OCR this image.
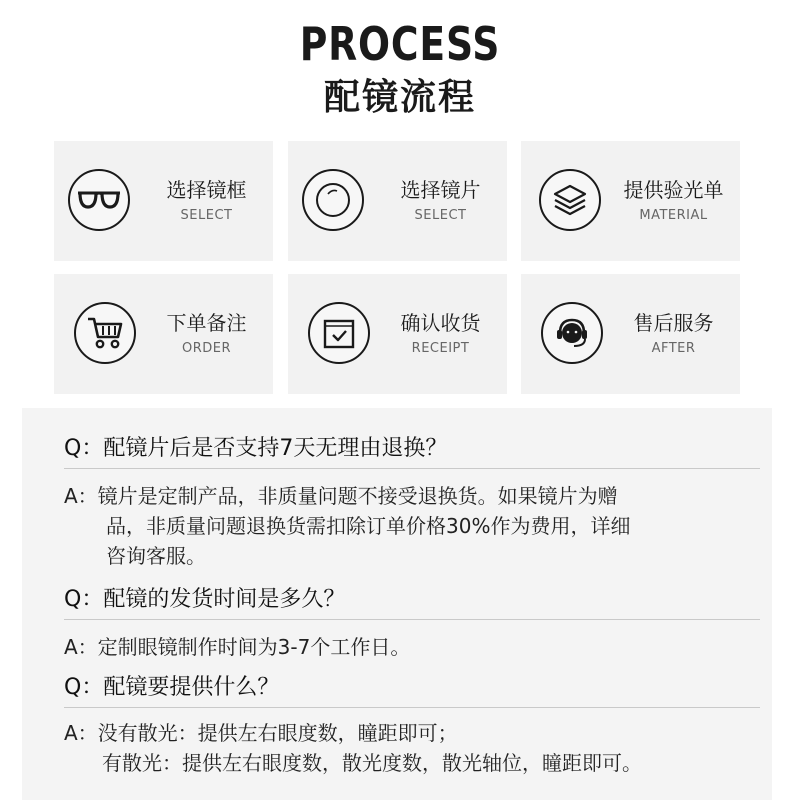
PROCESS
配镜流程
选择镜框
SELECT
选择镜片
SELECT
提供验光单
MATERIAL
下单备注
ORDER
确认收货
RECEIPT
售后服务
AFTER
Q：配镜片后是否支持7天无理由退换？
A：镜片是定制产品，非质量问题不接受退换货。如果镜片为赠
品，非质量问题退换货需扣除订单价格30%作为费用，详细
咨询客服。
Q：配镜的发货时间是多久？
A：定制眼镜制作时间为3-7个工作日。
Q：配镜要提供什么？
A：没有散光：提供左右眼度数，瞳距即可；
有散光：提供左右眼度数，散光度数，散光轴位，瞳距即可。
